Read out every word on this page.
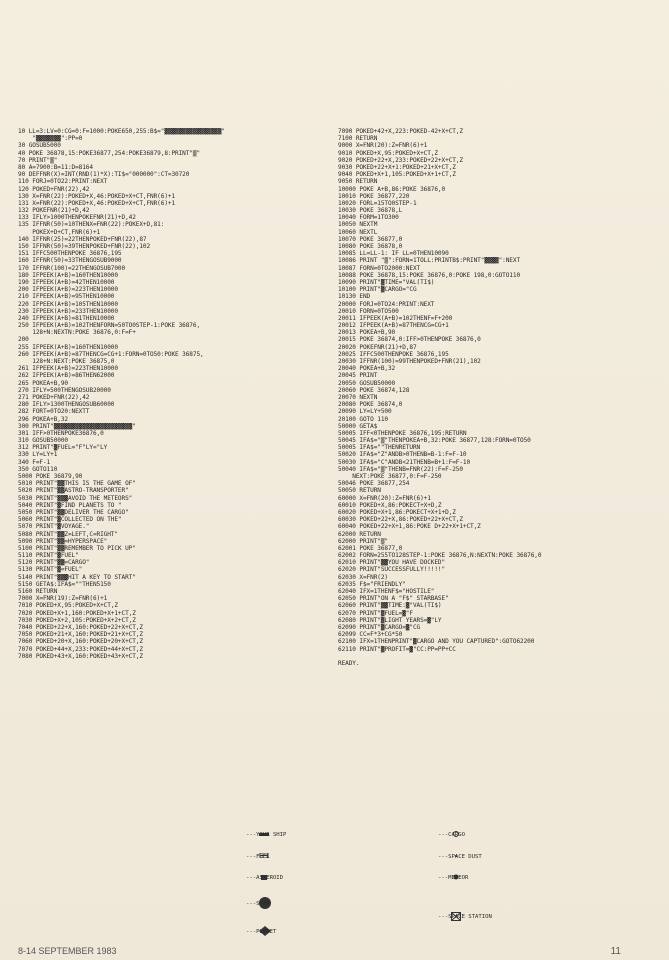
10 LL=3:LV=0:CG=0:F=1000:POKE650,255:B$="▓▓▓▓▓▓▓▓▓▓▓▓▓▓▓▓"
"▓▓▓▓▓▓▓":PP=0
30 GOSUB5000
40 POKE 36878,15:POKE36877,254:POKE36879,8:PRINT"▒"
70 PRINT"▒"
80 A=7900:B=11:D=8164
90 DEFFNR(X)=INT(RND(1)*X):TI$="000000":CT=30720
110 FORJ=0TO22:PRINT:NEXT
120 POKED+FNR(22),42
130 X=FNR(22):POKED+X,46:POKED+X+CT,FNR(6)+1
131 X=FNR(22):POKED+X,46:POKED+X+CT,FNR(6)+1
132 POKEFNR(21)+D,42
133 IFLY>1000THENPOKEFNR(21)+D,42
135 IFFNR(50)=10THENX=FNR(22):POKEX+D,81:
POKEX+D+CT,FNR(6)+1
140 IFFNR(25)=22THENPOKED+FNR(22),87
150 IFFNR(50)=39THENPOKED+FNR(22),102
151 IFFC500THENPOKE 36876,195
160 IFFNR(50)=33THENGOSUB9000
170 IFFNR(100)=22THENGOSUB7000
180 IFPEEK(A+B)=160THEN10000
190 IFPEEK(A+B)=42THEN10000
200 IFPEEK(A+B)=223THEN10000
210 IFPEEK(A+B)=95THEN10000
220 IFPEEK(A+B)=105THEN10000
230 IFPEEK(A+B)=233THEN10000
240 IFPEEK(A+B)=81THEN10000
250 IFPEEK(A+B)=102THENFORN=50TO0STEP-1:POKE 36876,
128+N:NEXTN:POKE 36876,0:F=F+
200
255 IFPEEK(A+B)=160THEN10000
260 IFPEEK(A+B)=87THENCG=CG+1:FORN=0TO50:POKE 36875,
128+N:NEXT:POKE 36875,0
261 IFPEEK(A+B)=223THEN10000
262 IFPEEK(A+B)=86THEN62000
265 POKEA+B,90
270 IFLY=500THENGOSUB20000
271 POKED+FNR(22),42
280 IFLY>1300THENGOSUB60000
282 FORT=0TO20:NEXTT
296 POKEA+B,32
300 PRINT"▓▓▓▓▓▓▓▓▓▓▓▓▓▓▓▓▓▓▓▓▓▓"
301 IFF>0THENPOKE36876,0
310 GOSUB50000
312 PRINT"▓FUEL="F"LY="LY
330 LY=LY+1
340 F=F-1
350 GOTO110
5000 POKE 36879,90
5010 PRINT"▓▓THIS IS THE GAME OF"
5020 PRINT"▓▓ASTRO-TRANSPORTER"
5030 PRINT"▓▓▓AVOID THE METEORS"
5040 PRINT"▓FIND PLANETS TO "
5050 PRINT"▓▓DELIVER THE CARGO"
5060 PRINT"▓COLLECTED ON THE"
5070 PRINT"▓VOYAGE."
5080 PRINT"▓▓Z=LEFT,C=RIGHT"
5090 PRINT"▓▓=HYPERSPACE"
5100 PRINT"▓▓REMEMBER TO PICK UP"
5110 PRINT"▓FUEL"
5120 PRINT"▓▓=CARGO"
5130 PRINT"▓=FUEL"
5140 PRINT"▓▓▓HIT A KEY TO START"
5150 GETA$:IFA$=""THEN5150
5160 RETURN
7000 X=FNR(19):Z=FNR(6)+1
7010 POKED+X,95:POKED+X+CT,Z
7020 POKED+X+1,160:POKED+X+1+CT,Z
7030 POKED+X+2,105:POKED+X+2+CT,Z
7040 POKED+22+X,160:POKED+22+X+CT,Z
7050 POKED+21+X,160:POKED+21+X+CT,Z
7060 POKED+20+X,160:POKED+20+X+CT,Z
7070 POKED+44+X,233:POKED+44+X+CT,Z
7080 POKED+43+X,160:POKED+43+X+CT,Z
7090 POKED+42+X,223:POKED-42+X+CT,Z
7100 RETURN
9000 X=FNR(20):Z=FNR(6)+1
9010 POKED+X,95:POKED+X+CT,Z
9020 POKED+22+X,233:POKED+22+X+CT,Z
9030 POKED+22+X+1:POKED+21+X+CT,Z
9040 POKED+X+1,105:POKED+X+1+CT,Z
9050 RETURN
10000 POKE A+B,86:POKE 36876,0
10010 POKE 36877,220
10020 FORL=15TO0STEP-1
10030 POKE 36878,L
10040 FORM=1TO300
10050 NEXTM
10060 NEXTL
10070 POKE 36877,0
10080 POKE 36878,0
10085 LL=LL-1: IF LL=0THEN10090
10086 PRINT "▒":FORN=1TOLL:PRINTB$:PRINT"▓▓▓▓":NEXT
10087 FORN=0TO2000:NEXT
10088 POKE 36878,15:POKE 36876,0:POKE 198,0:GOTO110
10090 PRINT"▓TIME="VAL(TI$)
10100 PRINT"▓CARGO="CG
10130 END
20000 FORJ=0TO24:PRINT:NEXT
20010 FORN=0TO500
20011 IFPEEK(A+B)=102THENF=F+200
20012 IFPEEK(A+B)=87THENCG=CG+1
20013 POKEA+B,90
20015 POKE 36874,0:IFF>0THENPOKE 36876,0
20020 POKEFNR(21)+D,87
20025 IFFC500THENPOKE 36876,195
20030 IFFNR(100)=99THENPOKED+FNR(21),102
20040 POKEA+B,32
20045 PRINT
20050 GOSUB50000
20060 POKE 36874,128
20070 NEXTN
20080 POKE 36874,0
20090 LY=LY+500
20100 GOTO 110
50000 GETA$
50005 IFF<0THENPOKE 36876,195:RETURN
50045 IFA$="▒"THENPOKEA+B,32:POKE 36877,128:FORN=0TO50
50005 IFA$=""THENRETURN
50020 IFA$="Z"ANDB>0THENB=B-1:F=F-10
50030 IFA$="C"ANDB<21THENB=B+1:F=F-10
50040 IFA$="▒"THENB=FNR(22):F=F-250
NEXT:POKE 36877,0:F=F-250
50046 POKE 36877,254
50050 RETURN
60000 X=FNR(20):Z=FNR(6)+1
60010 POKED+X,86:POKECT+X+D,Z
60020 POKED+X+1,86:POKECT+X+1+D,Z
60030 POKED+22+X,86:POKED+22+X+CT,Z
60040 POKED+22+X+1,86:POKE D+22+X+1+CT,Z
62000 RETURN
62000 PRINT"▒"
62001 POKE 36877,0
62002 FORN=255TO128STEP-1:POKE 36876,N:NEXTN:POKE 36876,0
62010 PRINT"▓▓YOU HAVE DOCKED"
62020 PRINT"SUCCESSFULLY!!!!!"
62030 X=FNR(2)
62035 F$="FRIENDLY"
62040 IFX=1THENF$="HOSTILE"
62050 PRINT"ON A "F$" STARBASE"
62060 PRINT"▓▓TIME:▓"VAL(TI$)
62070 PRINT"▓FUEL=▓"F
62080 PRINT"▓LIGHT YEARS=▓"LY
62090 PRINT"▓CARGO=▓"CG
62099 CC=F*3+CG*50
62100 IFX=1THENPRINT"▓CARGO AND YOU CAPTURED":GOTO62200
62110 PRINT"▓PROFIT=▓"CC:PP=PP+CC
READY.

---YOUR SHIP

---FUEL

---ASTEROID

---STAR

---PLANET

---CARGO

---SPACE DUST

---METEOR

---SPACE STATION

8-14 SEPTEMBER 1983	11
